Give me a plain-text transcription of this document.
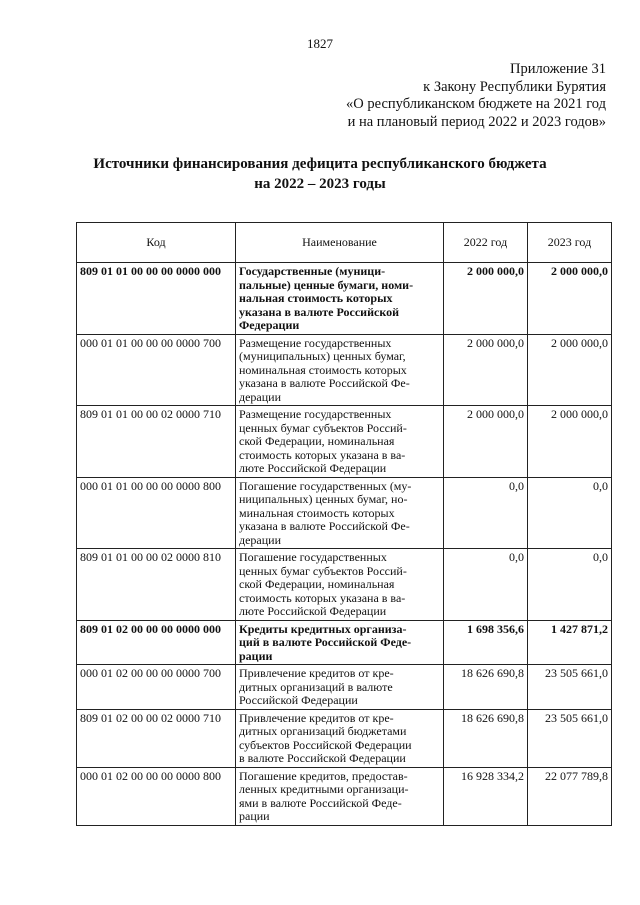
1827
Приложение 31
к Закону Республики Бурятия
«О республиканском бюджете на 2021 год
и на плановый период 2022 и 2023 годов»
Источники финансирования дефицита республиканского бюджета
на 2022 – 2023 годы
Код	Наименование	2022 год	2023 год
809 01 01 00 00 00 0000 000	Государственные (муници-
пальные) ценные бумаги, номи-
нальная стоимость которых
указана в валюте Российской
Федерации	2 000 000,0	2 000 000,0
000 01 01 00 00 00 0000 700	Размещение государственных
(муниципальных) ценных бумаг,
номинальная стоимость которых
указана в валюте Российской Фе-
дерации	2 000 000,0	2 000 000,0
809 01 01 00 00 02 0000 710	Размещение государственных
ценных бумаг субъектов Россий-
ской Федерации, номинальная
стоимость которых указана в ва-
люте Российской Федерации	2 000 000,0	2 000 000,0
000 01 01 00 00 00 0000 800	Погашение государственных (му-
ниципальных) ценных бумаг, но-
минальная стоимость которых
указана в валюте Российской Фе-
дерации	0,0	0,0
809 01 01 00 00 02 0000 810	Погашение государственных
ценных бумаг субъектов Россий-
ской Федерации, номинальная
стоимость которых указана в ва-
люте Российской Федерации	0,0	0,0
809 01 02 00 00 00 0000 000	Кредиты кредитных организа-
ций в валюте Российской Феде-
рации	1 698 356,6	1 427 871,2
000 01 02 00 00 00 0000 700	Привлечение кредитов от кре-
дитных организаций в валюте
Российской Федерации	18 626 690,8	23 505 661,0
809 01 02 00 00 02 0000 710	Привлечение кредитов от кре-
дитных организаций бюджетами
субъектов Российской Федерации
в валюте Российской Федерации	18 626 690,8	23 505 661,0
000 01 02 00 00 00 0000 800	Погашение кредитов, предостав-
ленных кредитными организаци-
ями в валюте Российской Феде-
рации	16 928 334,2	22 077 789,8
